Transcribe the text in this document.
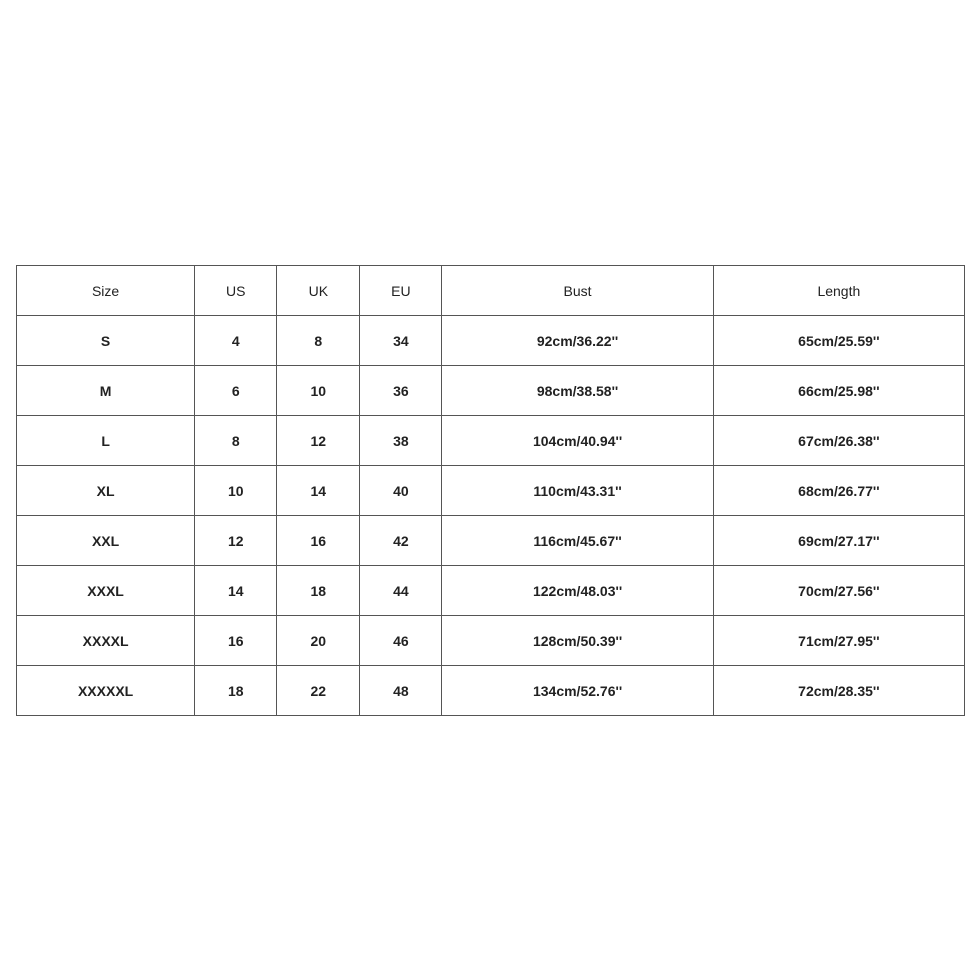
Size	US	UK	EU	Bust	Length
S	4	8	34	92cm/36.22''	65cm/25.59''
M	6	10	36	98cm/38.58''	66cm/25.98''
L	8	12	38	104cm/40.94''	67cm/26.38''
XL	10	14	40	110cm/43.31''	68cm/26.77''
XXL	12	16	42	116cm/45.67''	69cm/27.17''
XXXL	14	18	44	122cm/48.03''	70cm/27.56''
XXXXL	16	20	46	128cm/50.39''	71cm/27.95''
XXXXXL	18	22	48	134cm/52.76''	72cm/28.35''
